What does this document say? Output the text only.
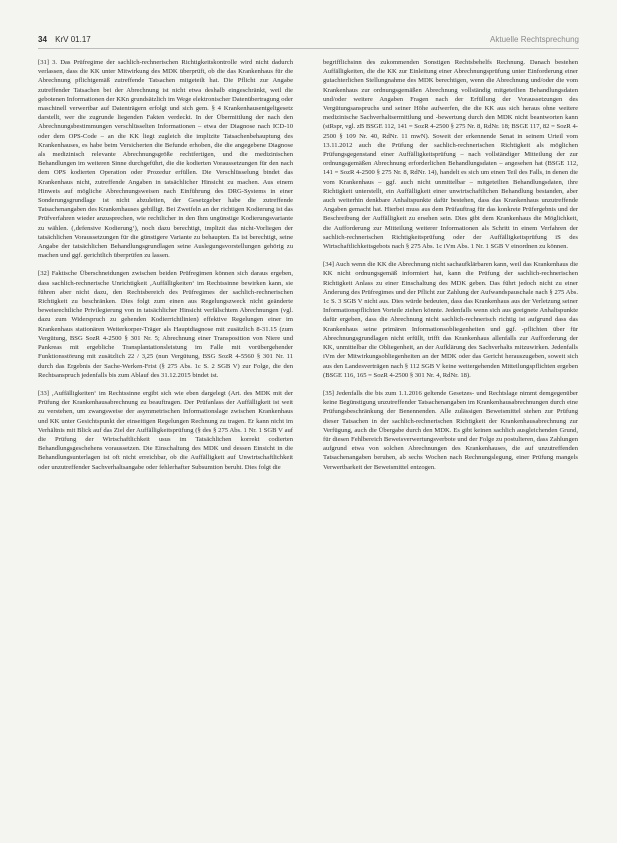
34 KrV 01.17	Aktuelle Rechtsprechung

[31] 3. Das Prüfregime der sachlich-rechnerischen Richtigkeitskontrolle wird nicht dadurch verlassen, dass die KK unter Mitwirkung des MDK überprüft, ob die das Krankenhaus für die Abrechnung pflichtgemäß zutreffende Tatsachen mitgeteilt hat. Die Pflicht zur Angabe zutreffender Tatsachen bei der Abrechnung ist nicht etwa deshalb eingeschränkt, weil die gebotenen Informationen der KKn grundsätzlich im Wege elektronischer Datenübertragung oder maschinell verwertbar auf Datenträgern erfolgt und sich gem. § 4 Krankenhausentgeltgesetz darstellt, wer die zugrunde liegenden Fakten verdeckt. In der Übermittlung der nach den Abrechnungsbestimmungen verschlüsselten Informationen – etwa der Diagnose nach ICD-10 oder dem OPS-Code – an die KK liegt zugleich die implizite Tatsachenbehauptung des Krankenhauses, es habe beim Versicherten die Befunde erhoben, die die angegebene Diagnose als medizinisch relevante Abrechnungsgröße rechtfertigen, und die medizinischen Behandlungen im weiteren Sinne durchgeführt, die die kodierten Voraussetzungen für den nach dem OPS kodierten Operation oder Prozedur erfüllen. Die Verschlüsselung bindet das Krankenhaus nicht, zutreffende Angaben in tatsächlicher Hinsicht zu machen. Aus einem Hinweis auf mögliche Abrechnungsweisen nach Einführung des DRG-Systems in einer Sonderungsgrundlage ist nicht abzuleiten, der Gesetzgeber habe die zutreffende Tatsachenangaben des Krankenhauses gebilligt. Bei Zweifeln an der richtigen Kodierung ist das Prüfverfahren wieder anzusprechen, wie rechtlicher in den Ihm ungünstige Kodierungsvariante zu wählen. (‚defensive Kodierung‘), noch dazu berechtigt, implizit das nicht-Vorliegen der tatsächlichen Voraussetzungen für die günstigere Variante zu behaupten. Es ist berechtigt, seine Angabe der tatsächlichen Behandlungsgrundlagen seine Auslegungsvorstellungen gehörig zu machen und ggf. gerichtlich überprüfen zu lassen.

[32] Faktische Überschneidungen zwischen beiden Prüfregimen können sich daraus ergeben, dass sachlich-rechnerische Unrichtigkeit ‚Auffälligkeiten‘ im Rechtssinne bewirken kann, sie führen aber nicht dazu, den Rechtsbereich des Prüfregimes der sachlich-rechnerischen Richtigkeit zu beschränken. Dies folgt zum einen aus Regelungszweck nicht geänderte beweisrechtliche Privilegierung von in tatsächlicher Hinsicht verfälschtem Abrechnungen (vgl. dazu zum Widerspruch zu gehenden Kodierrichtlinien) effektive Regelungen einer im Krankenhaus stationären Weiterkorper-Träger als Hauptdiagnose mit zusätzlich 8-31.15 (zum Vergütung, BSG SozR 4-2500 § 301 Nr. 5; Abrechnung einer Transposition von Niere und Pankreas mit ergebliche Transplantationsleistung im Falle mit vorübergehender Funktionsstörung mit zusätzlich 22 / 3,25 (nun Vergütung, BSG SozR 4-5560 § 301 Nr. 11 durch das Ergebnis der Sache-Werken-Frist (§ 275 Abs. 1c S. 2 SGB V) zur Folge, die den Rechtsanspruch jedenfalls bis zum Ablauf des 31.12.2015 bindet ist.

[33] ‚Auffälligkeiten‘ im Rechtssinne ergibt sich wie eben dargelegt (Art. des MDK mit der Prüfung der Krankenhausabrechnung zu beauftragen. Der Prüfanlass der Auffälligkeit ist weit zu verstehen, um zwangsweise der asymmetrischen Informationslage zwischen Krankenhaus und KK unter Gesichtspunkt der einseitigen Regelungen Rechnung zu tragen. Er kann nicht im Verhältnis mit Blick auf das Ziel der Auffälligkeitsprüfung (§ des § 275 Abs. 1 Nr. 1 SGB V auf die Prüfung der Wirtschaftlichkeit usus im Tatsächlichen korrekt codierten Behandlungsgeschehens voraussetzen. Die Einschaltung des MDK und dessen Einsicht in die Behandlungsunterlagen ist oft nicht erreichbar, ob die Auffälligkeit auf Unwirtschaftlichkeit oder unzutreffender Sachverhaltsangabe oder fehlerhafter Subsumtion beruht. Dies folgt die

begrifflichsinn des zukommenden Sonstigen Rechtsbehelfs Rechnung. Danach bestehen Auffälligkeiten, die die KK zur Einleitung einer Abrechnungsprüfung unter Einforderung einer gutachterlichen Stellungnahme des MDK berechtigen, wenn die Abrechnung und/oder die vom Krankenhaus zur ordnungsgemäßen Abrechnung vollständig mitgeteilten Behandlungsdaten und/oder weitere Angaben Fragen nach der Erfüllung der Voraussetzungen des Vergütungsanspruchs und seiner Höhe aufwerfen, die die KK aus sich heraus ohne weitere medizinische Sachverhaltsermittlung und -bewertung durch den MDK nicht beantworten kann (stRspr, vgl. zB BSGE 112, 141 = SozR 4-2500 § 275 Nr. 8, RdNr. 18; BSGE 117, 82 = SozR 4-2500 § 109 Nr. 40, RdNr. 11 mwN). Soweit der erkennende Senat in seinem Urteil vom 13.11.2012 auch die Prüfung der sachlich-rechnerischen Richtigkeit als möglichen Prüfungsgegenstand einer Auffälligkeitsprüfung – nach vollständiger Mitteilung der zur ordnungsgemäßen Abrechnung erforderlichen Behandlungsdaten – angesehen hat (BSGE 112, 141 = SozR 4-2500 § 275 Nr. 8, RdNr. 14), handelt es sich um einen Teil des Falls, in denen die vom Krankenhaus – ggf. auch nicht unmittelbar – mitgeteilten Behandlungsdaten, ihre Richtigkeit unterstellt, ein Auffälligkeit einer unwirtschaftlichen Behandlung bestanden, aber auch weiterhin denkbare Anhaltspunkte dafür bestehen, dass das Krankenhaus unzutreffende Angaben gemacht hat. Hierbei muss aus dem Prüfauftrag für das konkrete Prüfergebnis und der Beschreibung der Auffälligkeit zu ersehen sein. Dies gibt dem Krankenhaus die Möglichkeit, die Aufforderung zur Mitteilung weiterer Informationen als Schritt in einem Verfahren der sachlich-rechnerischen Richtigkeitsprüfung oder der Auffälligkeitsprüfung iS des Wirtschaftlichkeitsgebots nach § 275 Abs. 1c iVm Abs. 1 Nr. 1 SGB V einordnen zu können.

[34] Auch wenn die KK die Abrechnung nicht sachaufklärbaren kann, weil das Krankenhaus die KK nicht ordnungsgemäß informiert hat, kann die Prüfung der sachlich-rechnerischen Richtigkeit Anlass zu einer Einschaltung des MDK geben. Das führt jedoch nicht zu einer Änderung des Prüfregimes und der Pflicht zur Zahlung der Aufwandspauschale nach § 275 Abs. 1c S. 3 SGB V nicht aus. Dies würde bedeuten, dass das Krankenhaus aus der Verletzung seiner Informationspflichten Vorteile ziehen könnte. Jedenfalls wenn sich aus geeignete Anhaltspunkte dafür ergeben, dass die Abrechnung nicht sachlich-rechnerisch richtig ist aufgrund dass das Krankenhaus seine primären Informationsobliegenheiten und ggf. -pflichten über für Abrechnungsgrundlagen nicht erfüllt, trifft das Krankenhaus allenfalls zur Aufforderung der KK, unmittelbar die Obliegenheit, an der Aufklärung des Sachverhalts mitzuwirken. Jedenfalls iVm der Mitwirkungsobliegenheiten an der MDK oder das Gericht herauszugeben, soweit sich aus den Landesverträgen nach § 112 SGB V keine weitergehenden Mitteilungspflichten ergeben (BSGE 116, 165 = SozR 4-2500 § 301 Nr. 4, RdNr. 18).

[35] Jedenfalls die bis zum 1.1.2016 geltende Gesetzes- und Rechtslage nimmt demgegenüber keine Begünstigung unzutreffender Tatsachenangaben im Krankenhausabrechnungen durch eine Prüfungsbeschränkung der Benennenden. Alle zulässigen Beweismittel stehen zur Prüfung dieser Tatsachen in der sachlich-rechnerischen Richtigkeit der Krankenhausabrechnung zur Verfügung, auch die Übergabe durch den MDK. Es gibt keinen sachlich ausgleichenden Grund, für diesen Fehlbereich Beweisverwertungsverbote und der Folge zu postulieren, dass Zahlungen aufgrund etwa von solchen Abrechnungen des Krankenhauses, die auf unzutreffenden Tatsachenangaben beruhen, ab sechs Wochen nach Rechnungslegung, einer Prüfung mangels Verwertbarkeit der Beweismittel entzogen.
